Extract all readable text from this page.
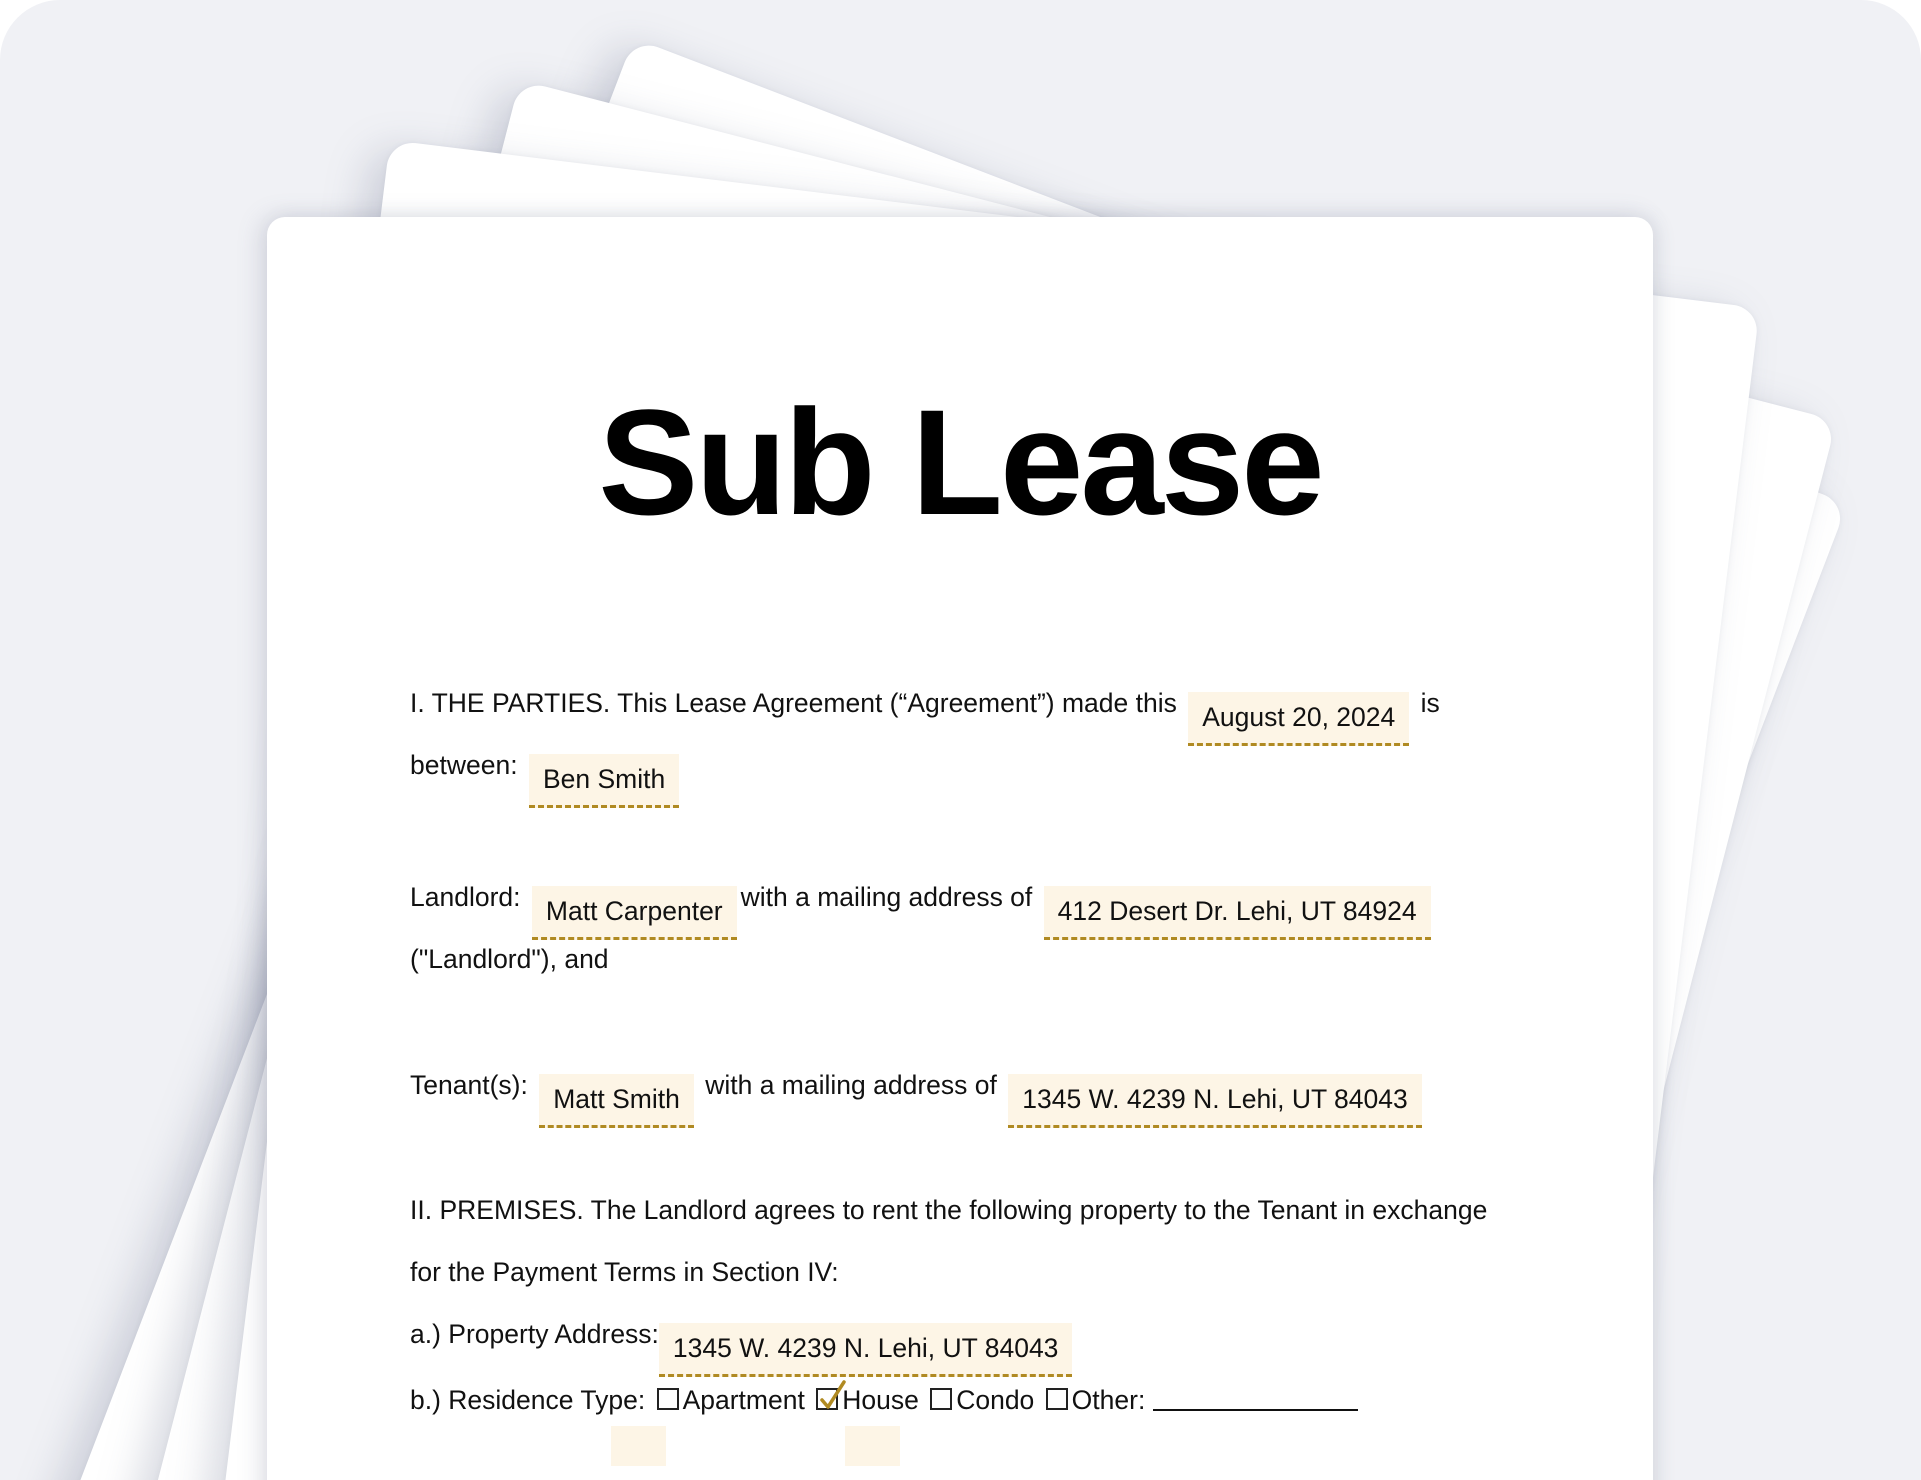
Sub Lease
I. THE PARTIES. This Lease Agreement (“Agreement”) made this August 20, 2024 is
between: Ben Smith
Landlord: Matt Carpenter with a mailing address of 412 Desert Dr. Lehi, UT 84924
("Landlord"), and
Tenant(s): Matt Smith with a mailing address of 1345 W. 4239 N. Lehi, UT 84043
II. PREMISES. The Landlord agrees to rent the following property to the Tenant in exchange
for the Payment Terms in Section IV:
a.) Property Address: 1345 W. 4239 N. Lehi, UT 84043
b.) Residence Type: Apartment House Condo Other:
